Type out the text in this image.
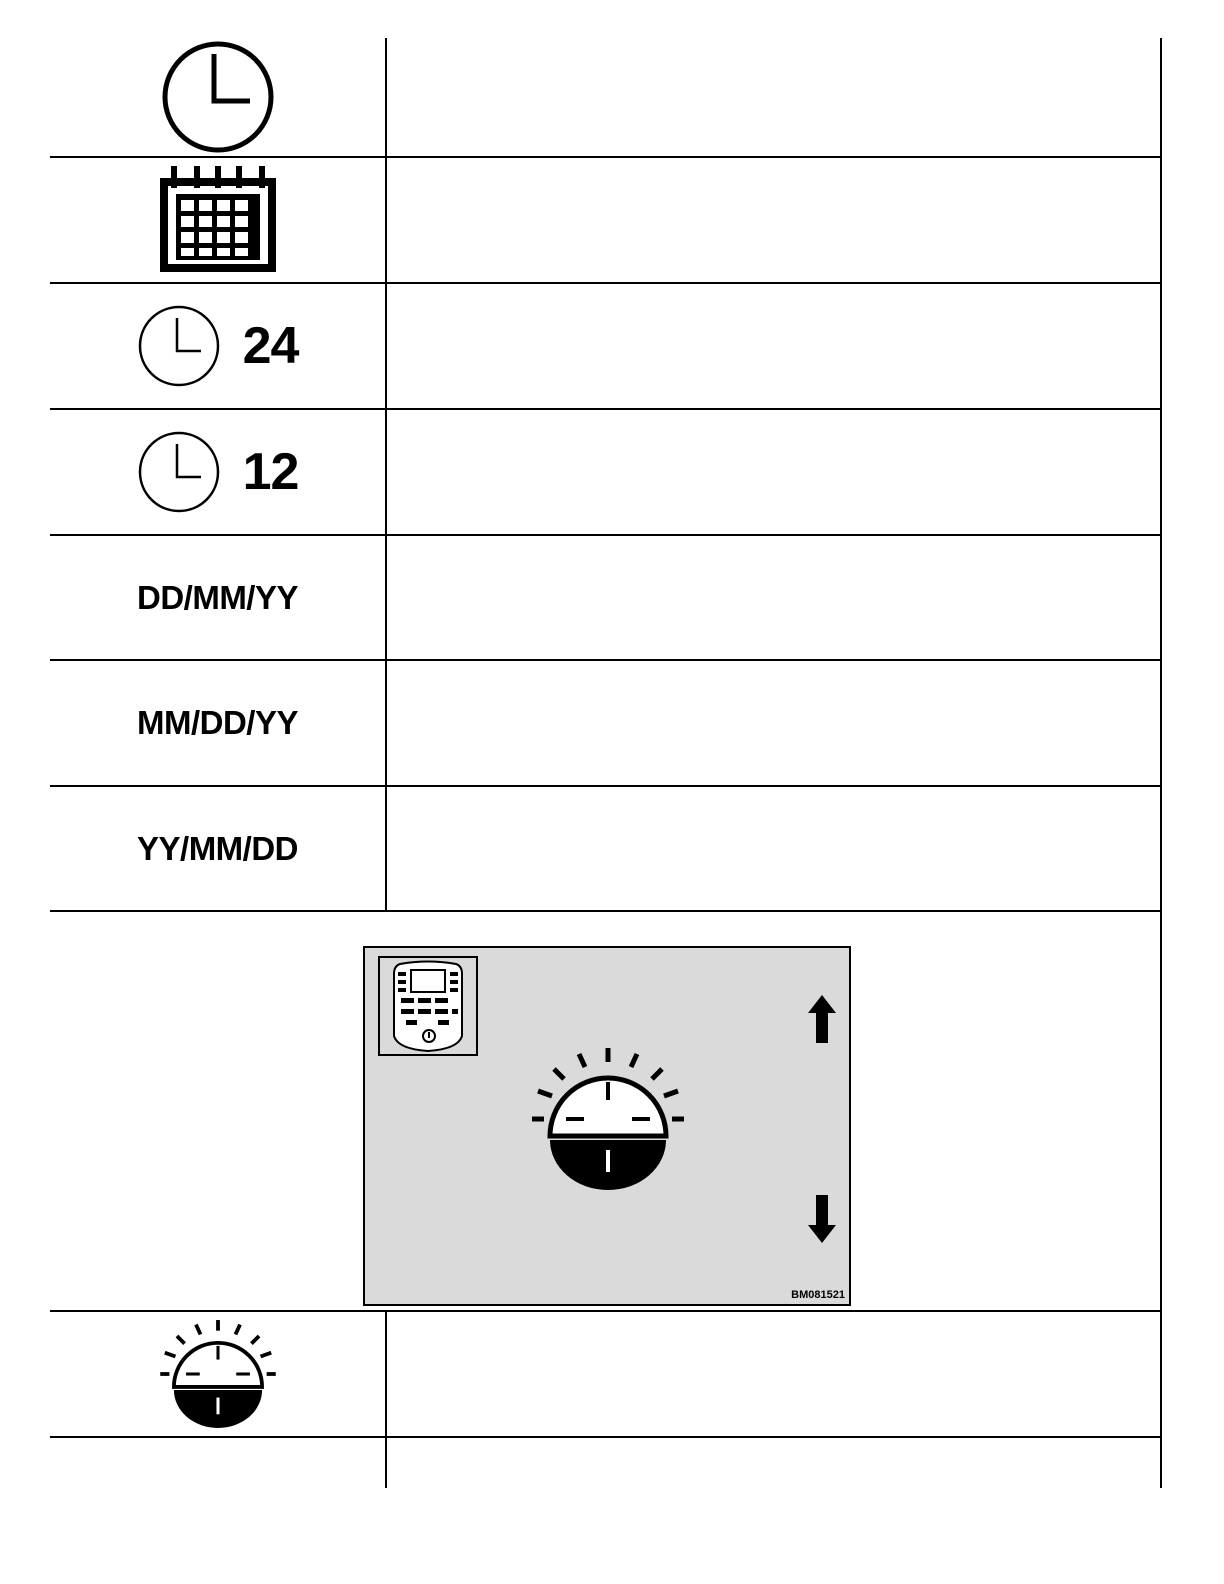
24
12
DD/MM/YY
MM/DD/YY
YY/MM/DD
BM081521
